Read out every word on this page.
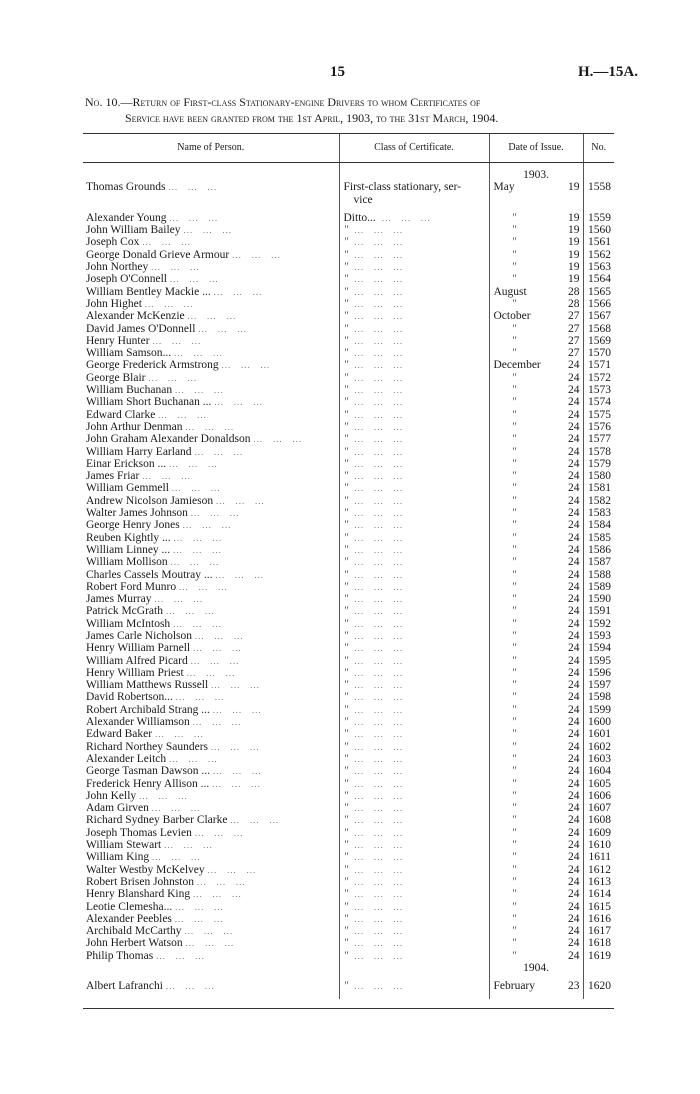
15	H.—15A.
No. 10.—Return of First-class Stationary-engine Drivers to whom Certificates of
Service have been granted from the 1st April, 1903, to the 31st March, 1904.
Name of Person.	Class of Certificate.	Date of Issue.		No.

		1903.		
Thomas Grounds ...   ...   ...	First-class stationary, ser-	May	19	1558
	vice			

Alexander Young ...   ...   ...	Ditto...  ...   ...   ...	″	19	1559
John William Bailey ...   ...   ...	″  ...   ...   ...	″	19	1560
Joseph Cox ...   ...   ...	″  ...   ...   ...	″	19	1561
George Donald Grieve Armour ...   ...   ...	″  ...   ...   ...	″	19	1562
John Northey ...   ...   ...	″  ...   ...   ...	″	19	1563
Joseph O'Connell ...   ...   ...	″  ...   ...   ...	″	19	1564
William Bentley Mackie ... ...   ...   ...	″  ...   ...   ...	August	28	1565
John Highet ...   ...   ...	″  ...   ...   ...	″	28	1566
Alexander McKenzie ...   ...   ...	″  ...   ...   ...	October	27	1567
David James O'Donnell ...   ...   ...	″  ...   ...   ...	″	27	1568
Henry Hunter ...   ...   ...	″  ...   ...   ...	″	27	1569
William Samson... ...   ...   ...	″  ...   ...   ...	″	27	1570
George Frederick Armstrong ...   ...   ...	″  ...   ...   ...	December	24	1571
George Blair ...   ...   ...	″  ...   ...   ...	″	24	1572
William Buchanan ...   ...   ...	″  ...   ...   ...	″	24	1573
William Short Buchanan ... ...   ...   ...	″  ...   ...   ...	″	24	1574
Edward Clarke ...   ...   ...	″  ...   ...   ...	″	24	1575
John Arthur Denman ...   ...   ...	″  ...   ...   ...	″	24	1576
John Graham Alexander Donaldson ...   ...   ...	″  ...   ...   ...	″	24	1577
William Harry Earland ...   ...   ...	″  ...   ...   ...	″	24	1578
Einar Erickson ... ...   ...   ...	″  ...   ...   ...	″	24	1579
James Friar ...   ...   ...	″  ...   ...   ...	″	24	1580
William Gemmell ...   ...   ...	″  ...   ...   ...	″	24	1581
Andrew Nicolson Jamieson ...   ...   ...	″  ...   ...   ...	″	24	1582
Walter James Johnson ...   ...   ...	″  ...   ...   ...	″	24	1583
George Henry Jones ...   ...   ...	″  ...   ...   ...	″	24	1584
Reuben Kightly ... ...   ...   ...	″  ...   ...   ...	″	24	1585
William Linney ... ...   ...   ...	″  ...   ...   ...	″	24	1586
William Mollison ...   ...   ...	″  ...   ...   ...	″	24	1587
Charles Cassels Moutray ... ...   ...   ...	″  ...   ...   ...	″	24	1588
Robert Ford Munro ...   ...   ...	″  ...   ...   ...	″	24	1589
James Murray ...   ...   ...	″  ...   ...   ...	″	24	1590
Patrick McGrath ...   ...   ...	″  ...   ...   ...	″	24	1591
William McIntosh ...   ...   ...	″  ...   ...   ...	″	24	1592
James Carle Nicholson ...   ...   ...	″  ...   ...   ...	″	24	1593
Henry William Parnell ...   ...   ...	″  ...   ...   ...	″	24	1594
William Alfred Picard ...   ...   ...	″  ...   ...   ...	″	24	1595
Henry William Priest ...   ...   ...	″  ...   ...   ...	″	24	1596
William Matthews Russell ...   ...   ...	″  ...   ...   ...	″	24	1597
David Robertson... ...   ...   ...	″  ...   ...   ...	″	24	1598
Robert Archibald Strang ... ...   ...   ...	″  ...   ...   ...	″	24	1599
Alexander Williamson ...   ...   ...	″  ...   ...   ...	″	24	1600
Edward Baker ...   ...   ...	″  ...   ...   ...	″	24	1601
Richard Northey Saunders ...   ...   ...	″  ...   ...   ...	″	24	1602
Alexander Leitch ...   ...   ...	″  ...   ...   ...	″	24	1603
George Tasman Dawson ... ...   ...   ...	″  ...   ...   ...	″	24	1604
Frederick Henry Allison ... ...   ...   ...	″  ...   ...   ...	″	24	1605
John Kelly ...   ...   ...	″  ...   ...   ...	″	24	1606
Adam Girven ...   ...   ...	″  ...   ...   ...	″	24	1607
Richard Sydney Barber Clarke ...   ...   ...	″  ...   ...   ...	″	24	1608
Joseph Thomas Levien ...   ...   ...	″  ...   ...   ...	″	24	1609
William Stewart ...   ...   ...	″  ...   ...   ...	″	24	1610
William King ...   ...   ...	″  ...   ...   ...	″	24	1611
Walter Westby McKelvey ...   ...   ...	″  ...   ...   ...	″	24	1612
Robert Brisen Johnston ...   ...   ...	″  ...   ...   ...	″	24	1613
Henry Blanshard King ...   ...   ...	″  ...   ...   ...	″	24	1614
Leotie Clemesha... ...   ...   ...	″  ...   ...   ...	″	24	1615
Alexander Peebles ...   ...   ...	″  ...   ...   ...	″	24	1616
Archibald McCarthy ...   ...   ...	″  ...   ...   ...	″	24	1617
John Herbert Watson ...   ...   ...	″  ...   ...   ...	″	24	1618
Philip Thomas ...   ...   ...	″  ...   ...   ...	″	24	1619
		1904.		

Albert Lafranchi ...   ...   ...	″  ...   ...   ...	February	23	1620
